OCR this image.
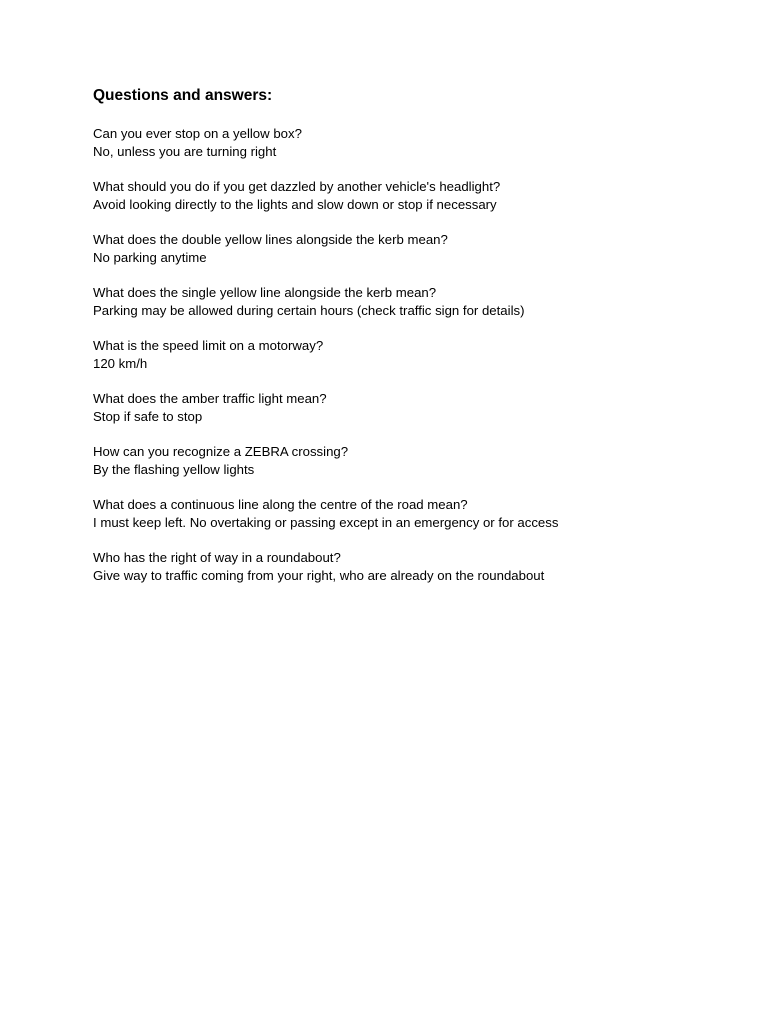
Questions and answers:
Can you ever stop on a yellow box?
No, unless you are turning right
What should you do if you get dazzled by another vehicle's headlight?
Avoid looking directly to the lights and slow down or stop if necessary
What does the double yellow lines alongside the kerb mean?
No parking anytime
What does the single yellow line alongside the kerb mean?
Parking may be allowed during certain hours (check traffic sign for details)
What is the speed limit on a motorway?
120 km/h
What does the amber traffic light mean?
Stop if safe to stop
How can you recognize a ZEBRA crossing?
By the flashing yellow lights
What does a continuous line along the centre of the road mean?
I must keep left. No overtaking or passing except in an emergency or for access
Who has the right of way in a roundabout?
Give way to traffic coming from your right, who are already on the roundabout
